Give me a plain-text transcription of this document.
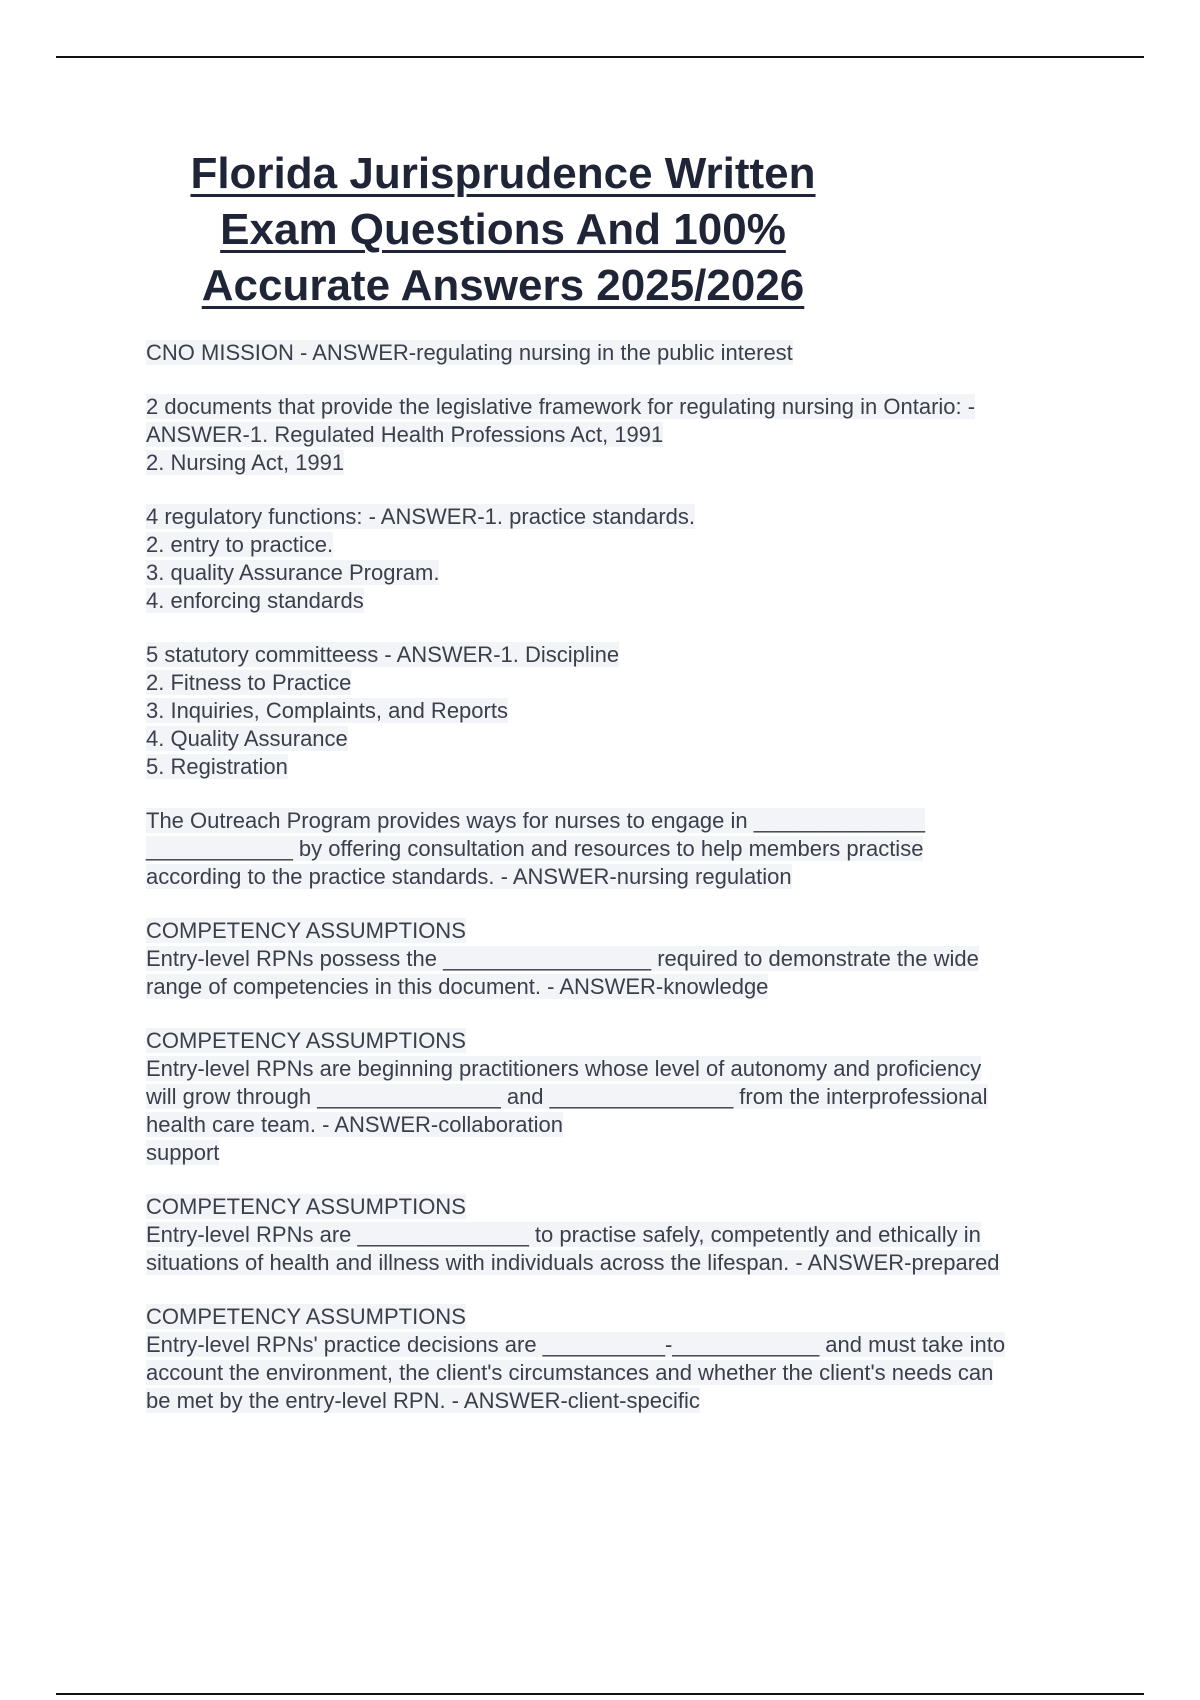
Florida Jurisprudence Written
Exam Questions And 100%
Accurate Answers 2025/2026
CNO MISSION - ANSWER-regulating nursing in the public interest
2 documents that provide the legislative framework for regulating nursing in Ontario: -
ANSWER-1. Regulated Health Professions Act, 1991
2. Nursing Act, 1991
4 regulatory functions: - ANSWER-1. practice standards.
2. entry to practice.
3. quality Assurance Program.
4. enforcing standards
5 statutory committeess - ANSWER-1. Discipline
2. Fitness to Practice
3. Inquiries, Complaints, and Reports
4. Quality Assurance
5. Registration
The Outreach Program provides ways for nurses to engage in ______________
____________ by offering consultation and resources to help members practise
according to the practice standards. - ANSWER-nursing regulation
COMPETENCY ASSUMPTIONS
Entry-level RPNs possess the _________________ required to demonstrate the wide
range of competencies in this document. - ANSWER-knowledge
COMPETENCY ASSUMPTIONS
Entry-level RPNs are beginning practitioners whose level of autonomy and proficiency
will grow through _______________ and _______________ from the interprofessional
health care team. - ANSWER-collaboration
support
COMPETENCY ASSUMPTIONS
Entry-level RPNs are ______________ to practise safely, competently and ethically in
situations of health and illness with individuals across the lifespan. - ANSWER-prepared
COMPETENCY ASSUMPTIONS
Entry-level RPNs' practice decisions are __________-____________ and must take into
account the environment, the client's circumstances and whether the client's needs can
be met by the entry-level RPN. - ANSWER-client-specific
